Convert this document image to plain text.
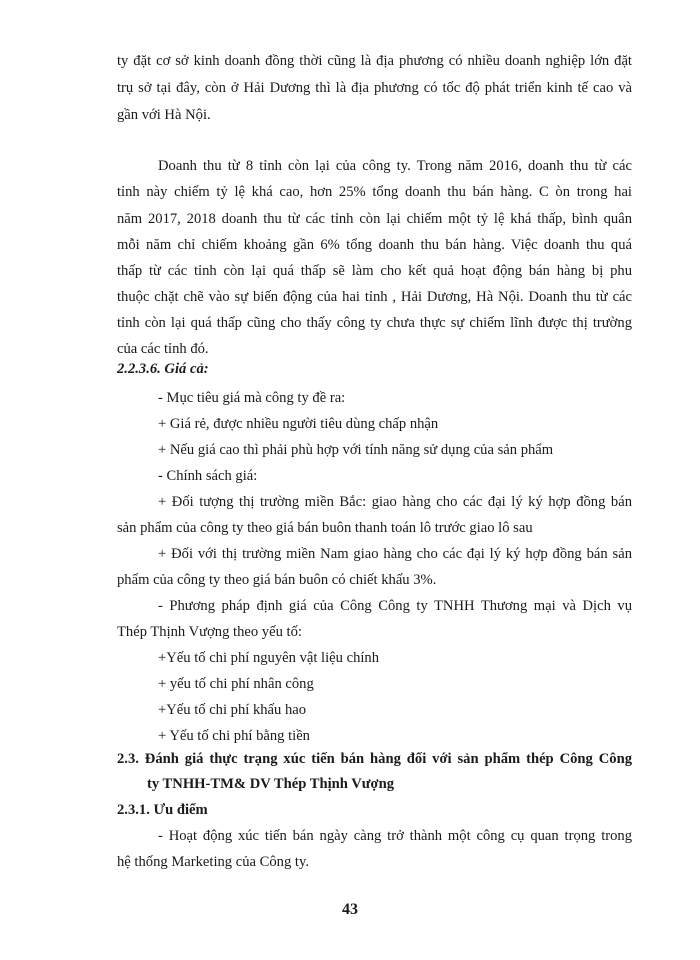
ty đặt cơ sở kinh doanh đồng thời cũng là địa phương có nhiều doanh nghiệp lớn đặt
trụ sở tại đây, còn ở Hải Dương thì là địa phương có tốc độ phát triển kinh tế cao và
gần với Hà Nội.
Doanh thu từ 8 tỉnh còn lại của công ty. Trong năm 2016, doanh thu từ các
tỉnh này chiếm tỷ lệ khá cao, hơn 25% tổng doanh thu bán hàng. C òn trong hai
năm 2017, 2018 doanh thu từ các tỉnh còn lại chiếm một tỷ lệ khá thấp, bình quân
mỗi năm chỉ chiếm khoảng gần 6% tổng doanh thu bán hàng. Việc doanh thu quá
thấp từ các tỉnh còn lại quá thấp sẽ làm cho kết quả hoạt động bán hàng bị phu
thuộc chặt chẽ vào sự biến động của hai tỉnh , Hải Dương, Hà Nội. Doanh thu từ các
tỉnh còn lại quá thấp cũng cho thấy công ty chưa thực sự chiếm lĩnh được thị trường
của các tỉnh đó.
2.2.3.6. Giá cả:
- Mục tiêu giá mà công ty đề ra:
+ Giá rẻ, được nhiều người tiêu dùng chấp nhận
+ Nếu giá cao thì phải phù hợp với tính năng sử dụng của sản phẩm
- Chính sách giá:
+ Đối tượng thị trường miền Bắc: giao hàng cho các đại lý ký hợp đồng bán
sản phẩm của công ty theo giá bán buôn thanh toán lô trước giao lô sau
+ Đối với thị trường miền Nam giao hàng cho các đại lý ký hợp đồng bán sản
phẩm của công ty theo giá bán buôn có chiết khấu 3%.
- Phương pháp định giá của Công Công ty TNHH Thương mại và Dịch vụ
Thép Thịnh Vượng theo yếu tố:
+Yếu tố chi phí nguyên vật liệu chính
+ yếu tố chi phí nhân công
+Yếu tố chi phí khấu hao
+ Yếu tố chi phí bằng tiền
2.3. Đánh giá thực trạng xúc tiến bán hàng đối với sản phẩm thép Công Công
ty TNHH-TM& DV Thép Thịnh Vượng
2.3.1. Ưu điểm
- Hoạt động xúc tiến bán ngày càng trở thành một công cụ quan trọng trong
hệ thống Marketing của Công ty.
43
